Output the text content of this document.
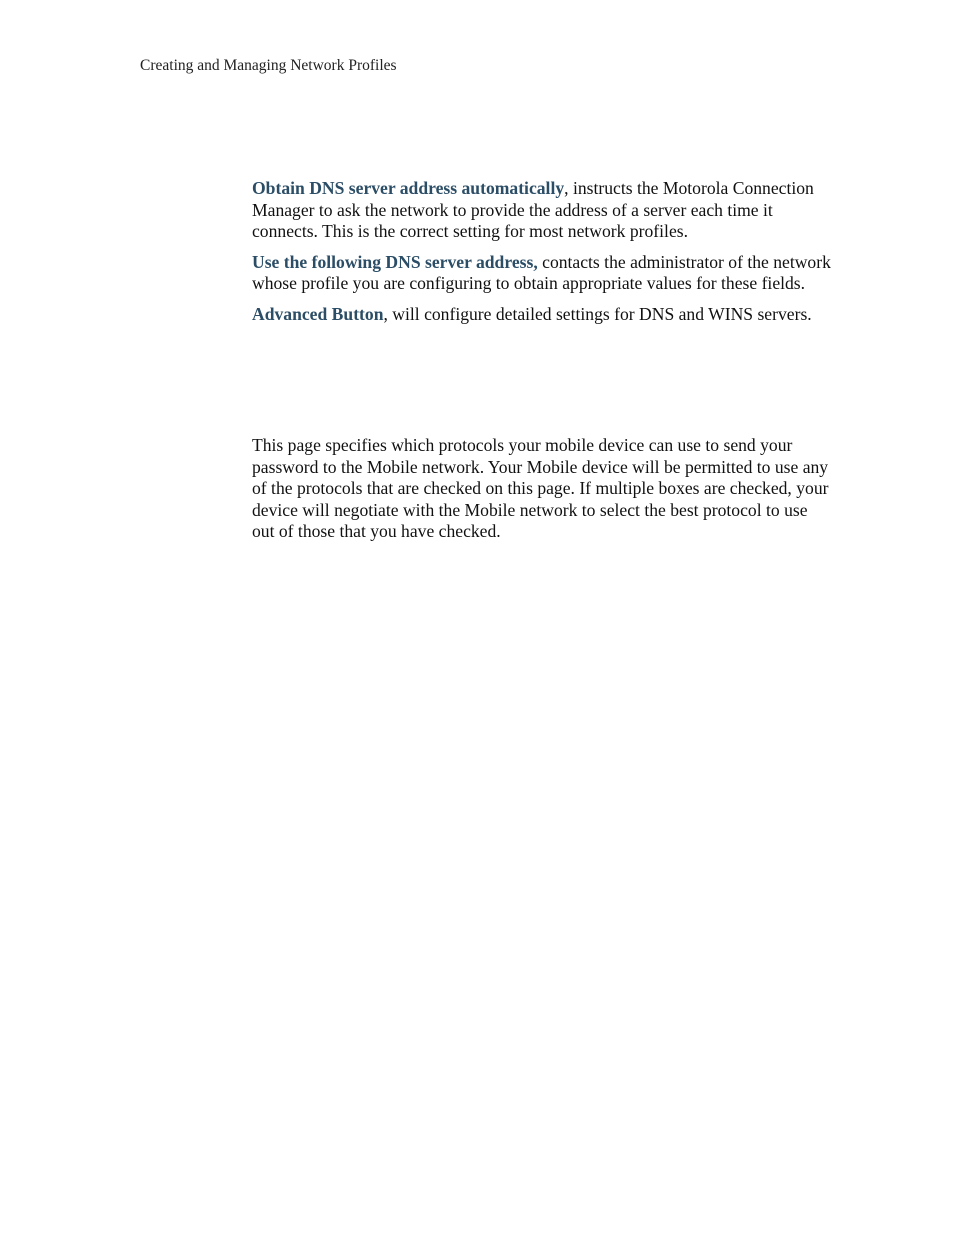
Creating and Managing Network Profiles

Obtain DNS server address automatically, instructs the Motorola Connection Manager to ask the network to provide the address of a server each time it connects. This is the correct setting for most network profiles.

Use the following DNS server address, contacts the administrator of the network whose profile you are configuring to obtain appropriate values for these fields.

Advanced Button, will configure detailed settings for DNS and WINS servers.

This page specifies which protocols your mobile device can use to send your password to the Mobile network. Your Mobile device will be permitted to use any of the protocols that are checked on this page. If multiple boxes are checked, your device will negotiate with the Mobile network to select the best protocol to use out of those that you have checked.
